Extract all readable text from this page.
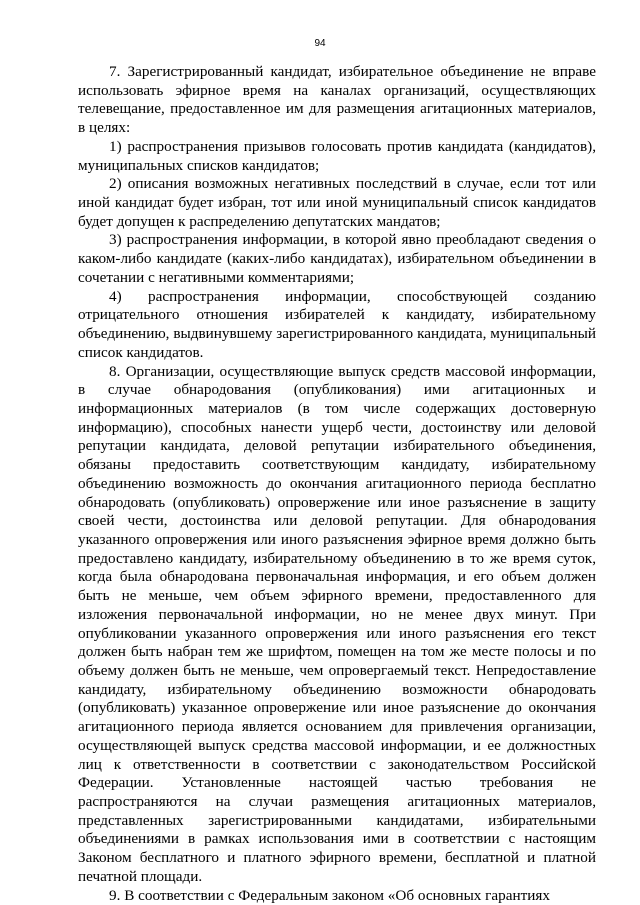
94

7. Зарегистрированный кандидат, избирательное объединение не вправе использовать эфирное время на каналах организаций, осуществляющих телевещание, предоставленное им для размещения агитационных материалов, в целях:

1) распространения призывов голосовать против кандидата (кандидатов), муниципальных списков кандидатов;

2) описания возможных негативных последствий в случае, если тот или иной кандидат будет избран, тот или иной муниципальный список кандидатов будет допущен к распределению депутатских мандатов;

3) распространения информации, в которой явно преобладают сведения о каком-либо кандидате (каких-либо кандидатах), избирательном объединении в сочетании с негативными комментариями;

4) распространения информации, способствующей созданию отрицательного отношения избирателей к кандидату, избирательному объединению, выдвинувшему зарегистрированного кандидата, муниципальный список кандидатов.

8. Организации, осуществляющие выпуск средств массовой информации, в случае обнародования (опубликования) ими агитационных и информационных материалов (в том числе содержащих достоверную информацию), способных нанести ущерб чести, достоинству или деловой репутации кандидата, деловой репутации избирательного объединения, обязаны предоставить соответствующим кандидату, избирательному объединению возможность до окончания агитационного периода бесплатно обнародовать (опубликовать) опровержение или иное разъяснение в защиту своей чести, достоинства или деловой репутации. Для обнародования указанного опровержения или иного разъяснения эфирное время должно быть предоставлено кандидату, избирательному объединению в то же время суток, когда была обнародована первоначальная информация, и его объем должен быть не меньше, чем объем эфирного времени, предоставленного для изложения первоначальной информации, но не менее двух минут. При опубликовании указанного опровержения или иного разъяснения его текст должен быть набран тем же шрифтом, помещен на том же месте полосы и по объему должен быть не меньше, чем опровергаемый текст. Непредоставление кандидату, избирательному объединению возможности обнародовать (опубликовать) указанное опровержение или иное разъяснение до окончания агитационного периода является основанием для привлечения организации, осуществляющей выпуск средства массовой информации, и ее должностных лиц к ответственности в соответствии с законодательством Российской Федерации. Установленные настоящей частью требования не распространяются на случаи размещения агитационных материалов, представленных зарегистрированными кандидатами, избирательными объединениями в рамках использования ими в соответствии с настоящим Законом бесплатного и платного эфирного времени, бесплатной и платной печатной площади.

9. В соответствии с Федеральным законом «Об основных гарантиях
